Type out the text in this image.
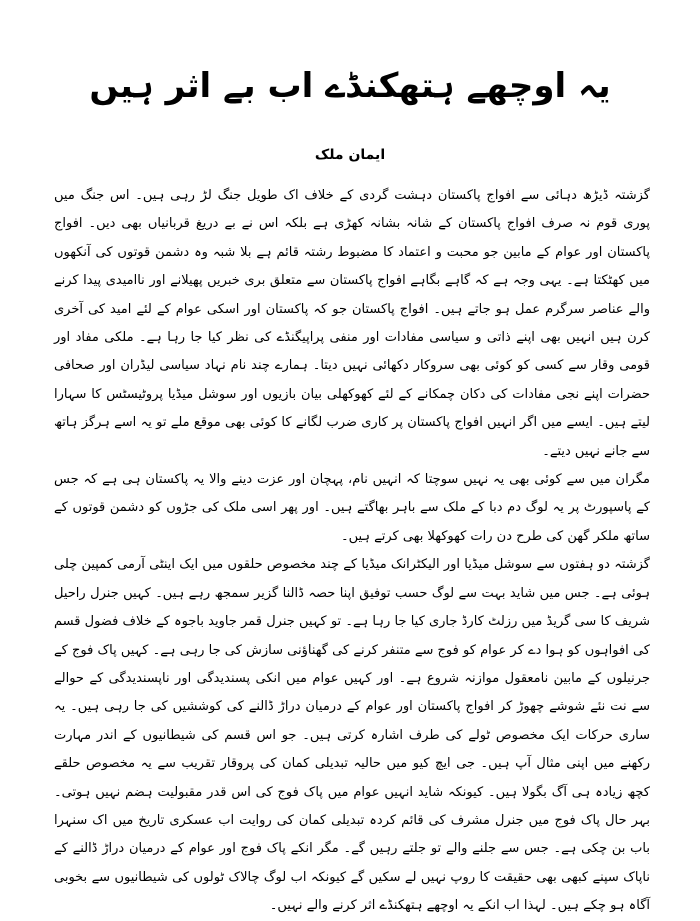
یہ اوچھے ہتھکنڈے اب بے اثر ہیں
ایمان ملک

گزشتہ ڈیڑھ دہائی سے افواج پاکستان دہشت گردی کے خلاف اک طویل جنگ لڑ رہی ہیں۔ اس جنگ میں پوری قوم نہ صرف افواج پاکستان کے شانہ بشانہ کھڑی ہے بلکہ اس نے بے دریغ قربانیاں بھی دیں۔ افواج پاکستان اور عوام کے مابین جو محبت و اعتماد کا مضبوط رشتہ قائم ہے بلا شبہ وہ دشمن قوتوں کی آنکھوں میں کھٹکتا ہے۔ یہی وجہ ہے کہ گاہے بگاہے افواج پاکستان سے متعلق بری خبریں پھیلانے اور ناامیدی پیدا کرنے والے عناصر سرگرم عمل ہو جاتے ہیں۔ افواج پاکستان جو کہ پاکستان اور اسکی عوام کے لئے امید کی آخری کرن ہیں انہیں بھی اپنے ذاتی و سیاسی مفادات اور منفی پراپیگنڈے کی نظر کیا جا رہا ہے۔ ملکی مفاد اور قومی وقار سے کسی کو کوئی بھی سروکار دکھائی نہیں دیتا۔ ہمارے چند نام نہاد سیاسی لیڈران اور صحافی حضرات اپنے نجی مفادات کی دکان چمکانے کے لئے کھوکھلی بیان بازیوں اور سوشل میڈیا پروٹیسٹس کا سہارا لیتے ہیں۔ ایسے میں اگر انہیں افواج پاکستان پر کاری ضرب لگانے کا کوئی بھی موقع ملے تو یہ اسے ہرگز ہاتھ سے جانے نہیں دیتے۔

مگران میں سے کوئی بھی یہ نہیں سوچتا کہ انہیں نام، پہچان اور عزت دینے والا یہ پاکستان ہی ہے کہ جس کے پاسپورٹ پر یہ لوگ دم دبا کے ملک سے باہر بھاگتے ہیں۔ اور پھر اسی ملک کی جڑوں کو دشمن قوتوں کے ساتھ ملکر گھن کی طرح دن رات کھوکھلا بھی کرتے ہیں۔

گزشتہ دو ہفتوں سے سوشل میڈیا اور الیکٹرانک میڈیا کے چند مخصوص حلقوں میں ایک اینٹی آرمی کمپین چلی ہوئی ہے۔ جس میں شاید بہت سے لوگ حسب توفیق اپنا حصہ ڈالنا گزیر سمجھ رہے ہیں۔ کہیں جنرل راحیل شریف کا سی گریڈ میں رزلٹ کارڈ جاری کیا جا رہا ہے۔ تو کہیں جنرل قمر جاوید باجوہ کے خلاف فضول قسم کی افواہوں کو ہوا دے کر عوام کو فوج سے متنفر کرنے کی گھناؤنی سازش کی جا رہی ہے۔ کہیں پاک فوج کے جرنیلوں کے مابین نامعقول موازنہ شروع ہے۔ اور کہیں عوام میں انکی پسندیدگی اور ناپسندیدگی کے حوالے سے نت نئے شوشے چھوڑ کر افواج پاکستان اور عوام کے درمیان دراڑ ڈالنے کی کوششیں کی جا رہی ہیں۔ یہ ساری حرکات ایک مخصوص ٹولے کی طرف اشارہ کرتی ہیں۔ جو اس قسم کی شیطانیوں کے اندر مہارت رکھنے میں اپنی مثال آپ ہیں۔ جی ایچ کیو میں حالیہ تبدیلی کمان کی پروقار تقریب سے یہ مخصوص حلقے کچھ زیادہ ہی آگ بگولا ہیں۔ کیونکہ شاید انہیں عوام میں پاک فوج کی اس قدر مقبولیت ہضم نہیں ہوتی۔ بہر حال پاک فوج میں جنرل مشرف کی قائم کردہ تبدیلی کمان کی روایت اب عسکری تاریخ میں اک سنہرا باب بن چکی ہے۔ جس سے جلنے والے تو جلتے رہیں گے۔ مگر انکے پاک فوج اور عوام کے درمیان دراڑ ڈالنے کے ناپاک سپنے کبھی بھی حقیقت کا روپ نہیں لے سکیں گے کیونکہ اب لوگ چالاک ٹولوں کی شیطانیوں سے بخوبی آگاہ ہو چکے ہیں۔ لہذا اب انکے یہ اوچھے ہتھکنڈے اثر کرنے والے نہیں۔
